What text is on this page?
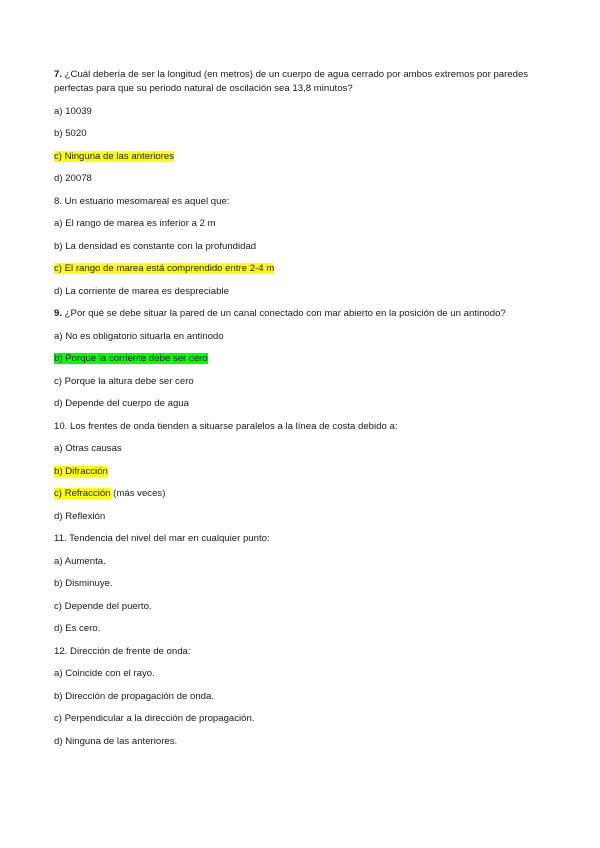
7. ¿Cuál debería de ser la longitud (en metros) de un cuerpo de agua cerrado por ambos extremos por paredes perfectas para que su periodo natural de oscilación sea 13,8 minutos?

a) 10039

b) 5020

c) Ninguna de las anteriores

d) 20078

8. Un estuario mesomareal es aquel que:

a) El rango de marea es inferior a 2 m

b) La densidad es constante con la profundidad

c) El rango de marea está comprendido entre 2-4 m

d) La corriente de marea es despreciable

9. ¿Por qué se debe situar la pared de un canal conectado con mar abierto en la posición de un antinodo?

a) No es obligatorio situarla en antinodo

b) Porque la corriente debe ser cero

c) Porque la altura debe ser cero

d) Depende del cuerpo de agua

10. Los frentes de onda tienden a situarse paralelos a la línea de costa debido a:

a) Otras causas

b) Difracción

c) Refracción (más veces)

d) Reflexión

11. Tendencia del nivel del mar en cualquier punto:

a) Aumenta.

b) Disminuye.

c) Depende del puerto.

d) Es cero.

12. Dirección de frente de onda:

a) Coincide con el rayo.

b) Dirección de propagación de onda.

c) Perpendicular a la dirección de propagación.

d) Ninguna de las anteriores.
